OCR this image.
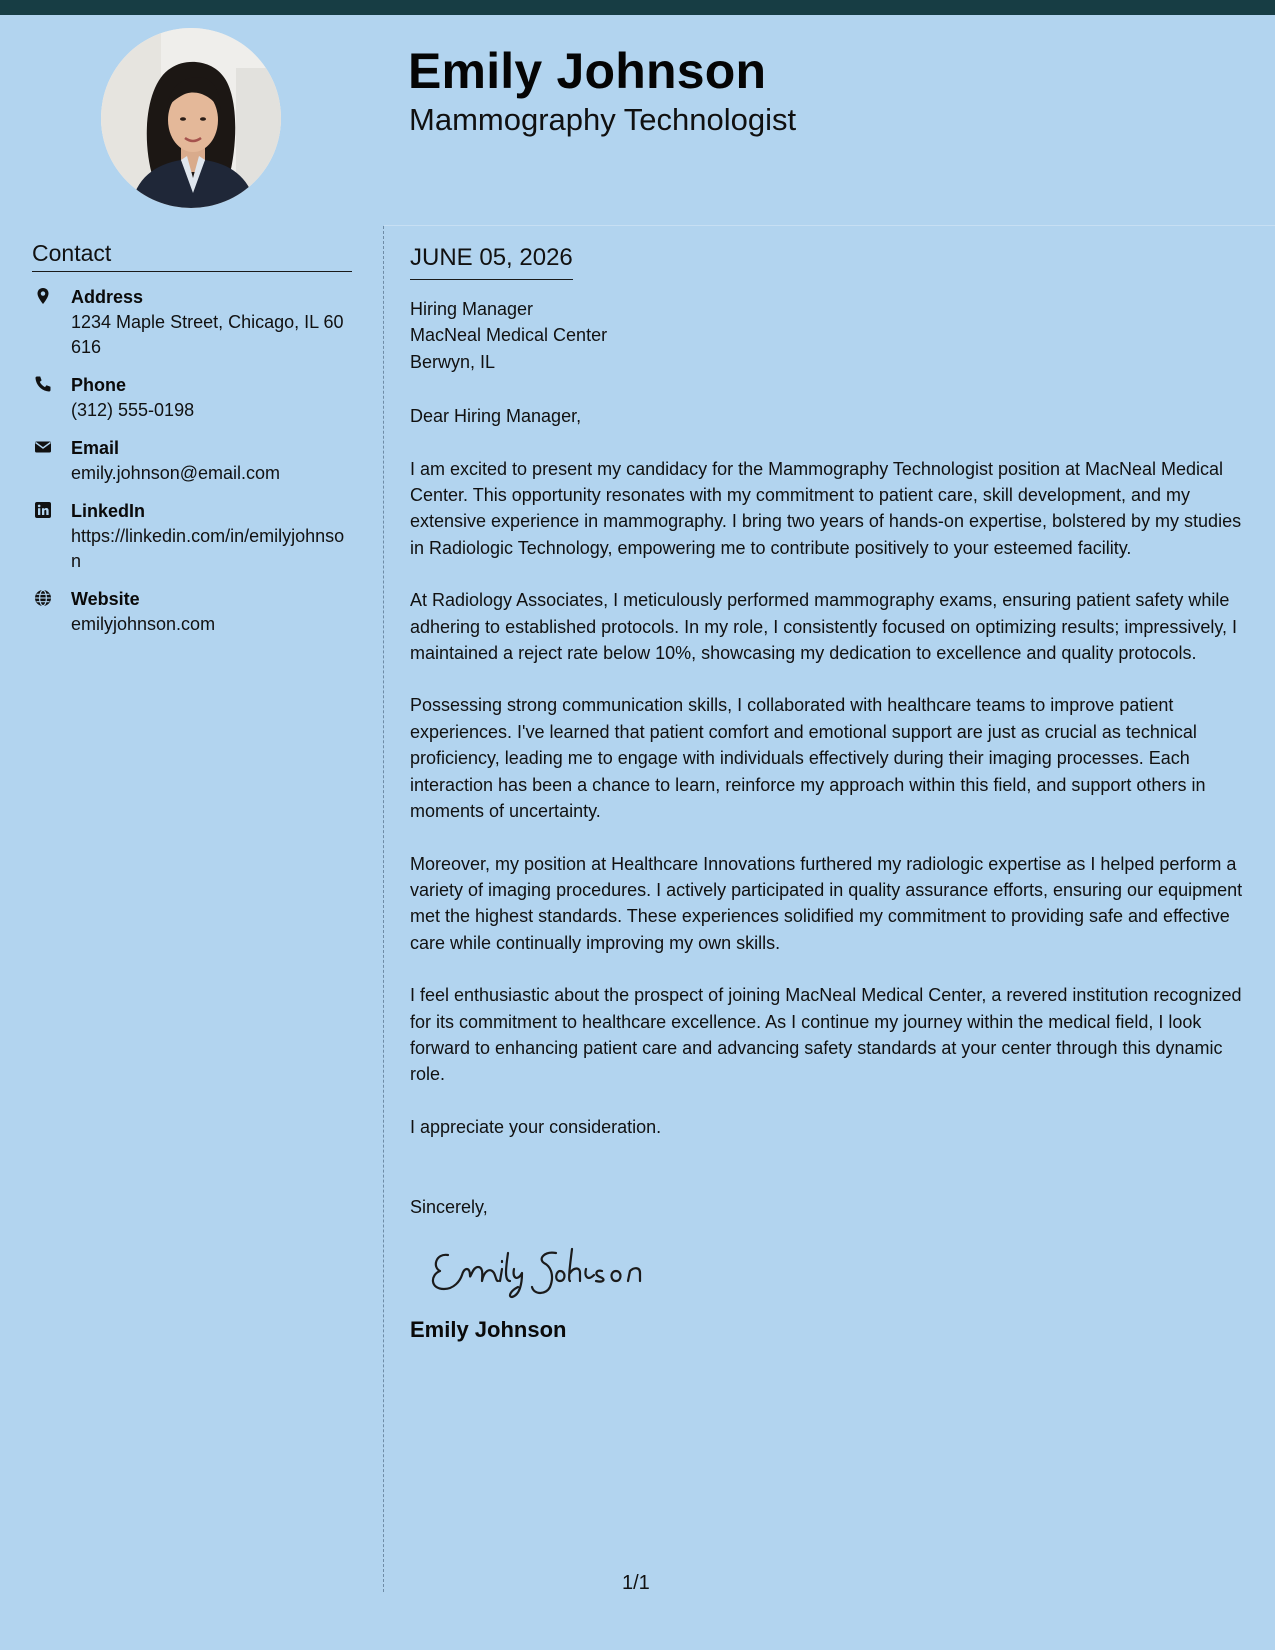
Emily Johnson
Mammography Technologist
Contact
Address
1234 Maple Street, Chicago, IL 60616
Phone
(312) 555-0198
Email
emily.johnson@email.com
LinkedIn
https://linkedin.com/in/emilyjohnson
Website
emilyjohnson.com
JUNE 05, 2026
Hiring Manager
MacNeal Medical Center
Berwyn, IL
Dear Hiring Manager,

I am excited to present my candidacy for the Mammography Technologist position at MacNeal Medical Center. This opportunity resonates with my commitment to patient care, skill development, and my extensive experience in mammography. I bring two years of hands-on expertise, bolstered by my studies in Radiologic Technology, empowering me to contribute positively to your esteemed facility.

At Radiology Associates, I meticulously performed mammography exams, ensuring patient safety while adhering to established protocols. In my role, I consistently focused on optimizing results; impressively, I maintained a reject rate below 10%, showcasing my dedication to excellence and quality protocols.

Possessing strong communication skills, I collaborated with healthcare teams to improve patient experiences. I've learned that patient comfort and emotional support are just as crucial as technical proficiency, leading me to engage with individuals effectively during their imaging processes. Each interaction has been a chance to learn, reinforce my approach within this field, and support others in moments of uncertainty.

Moreover, my position at Healthcare Innovations furthered my radiologic expertise as I helped perform a variety of imaging procedures. I actively participated in quality assurance efforts, ensuring our equipment met the highest standards. These experiences solidified my commitment to providing safe and effective care while continually improving my own skills.

I feel enthusiastic about the prospect of joining MacNeal Medical Center, a revered institution recognized for its commitment to healthcare excellence. As I continue my journey within the medical field, I look forward to enhancing patient care and advancing safety standards at your center through this dynamic role.

I appreciate your consideration.

Sincerely,
Emily Johnson
1/1
